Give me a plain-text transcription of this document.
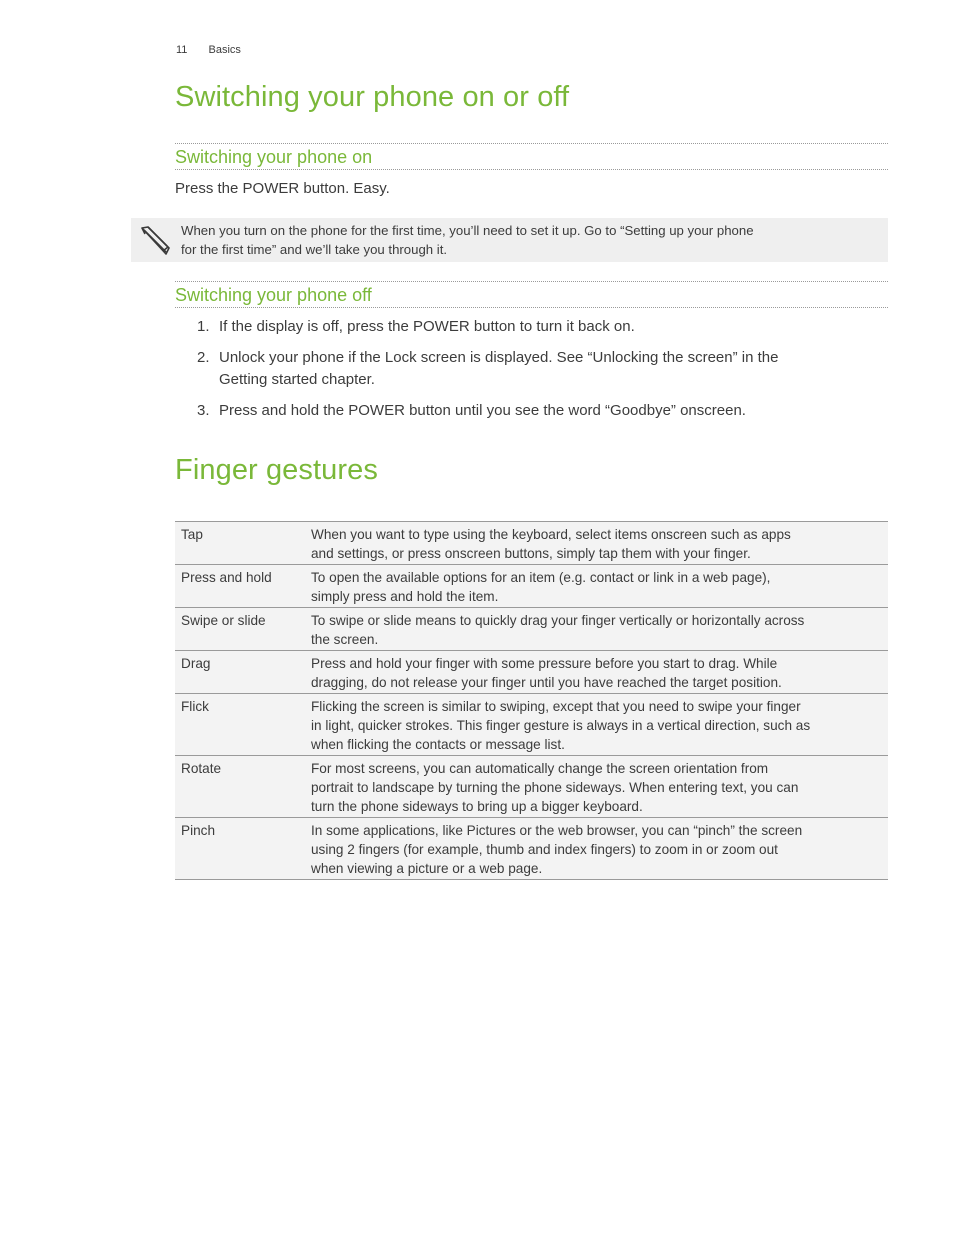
11 Basics
Switching your phone on or off
Switching your phone on

Press the POWER button. Easy.

When you turn on the phone for the first time, you’ll need to set it up. Go to “Setting up your phone
for the first time” and we’ll take you through it.
Switching your phone off
1. If the display is off, press the POWER button to turn it back on.
2. Unlock your phone if the Lock screen is displayed. See “Unlocking the screen” in the
Getting started chapter.
3. Press and hold the POWER button until you see the word “Goodbye” onscreen.
Finger gestures
Tap	When you want to type using the keyboard, select items onscreen such as apps
and settings, or press onscreen buttons, simply tap them with your finger.

Press and hold	To open the available options for an item (e.g. contact or link in a web page),
simply press and hold the item.

Swipe or slide	To swipe or slide means to quickly drag your finger vertically or horizontally across
the screen.

Drag	Press and hold your finger with some pressure before you start to drag. While
dragging, do not release your finger until you have reached the target position.

Flick	Flicking the screen is similar to swiping, except that you need to swipe your finger
in light, quicker strokes. This finger gesture is always in a vertical direction, such as
when flicking the contacts or message list.

Rotate	For most screens, you can automatically change the screen orientation from
portrait to landscape by turning the phone sideways. When entering text, you can
turn the phone sideways to bring up a bigger keyboard.

Pinch	In some applications, like Pictures or the web browser, you can “pinch” the screen
using 2 fingers (for example, thumb and index fingers) to zoom in or zoom out
when viewing a picture or a web page.
